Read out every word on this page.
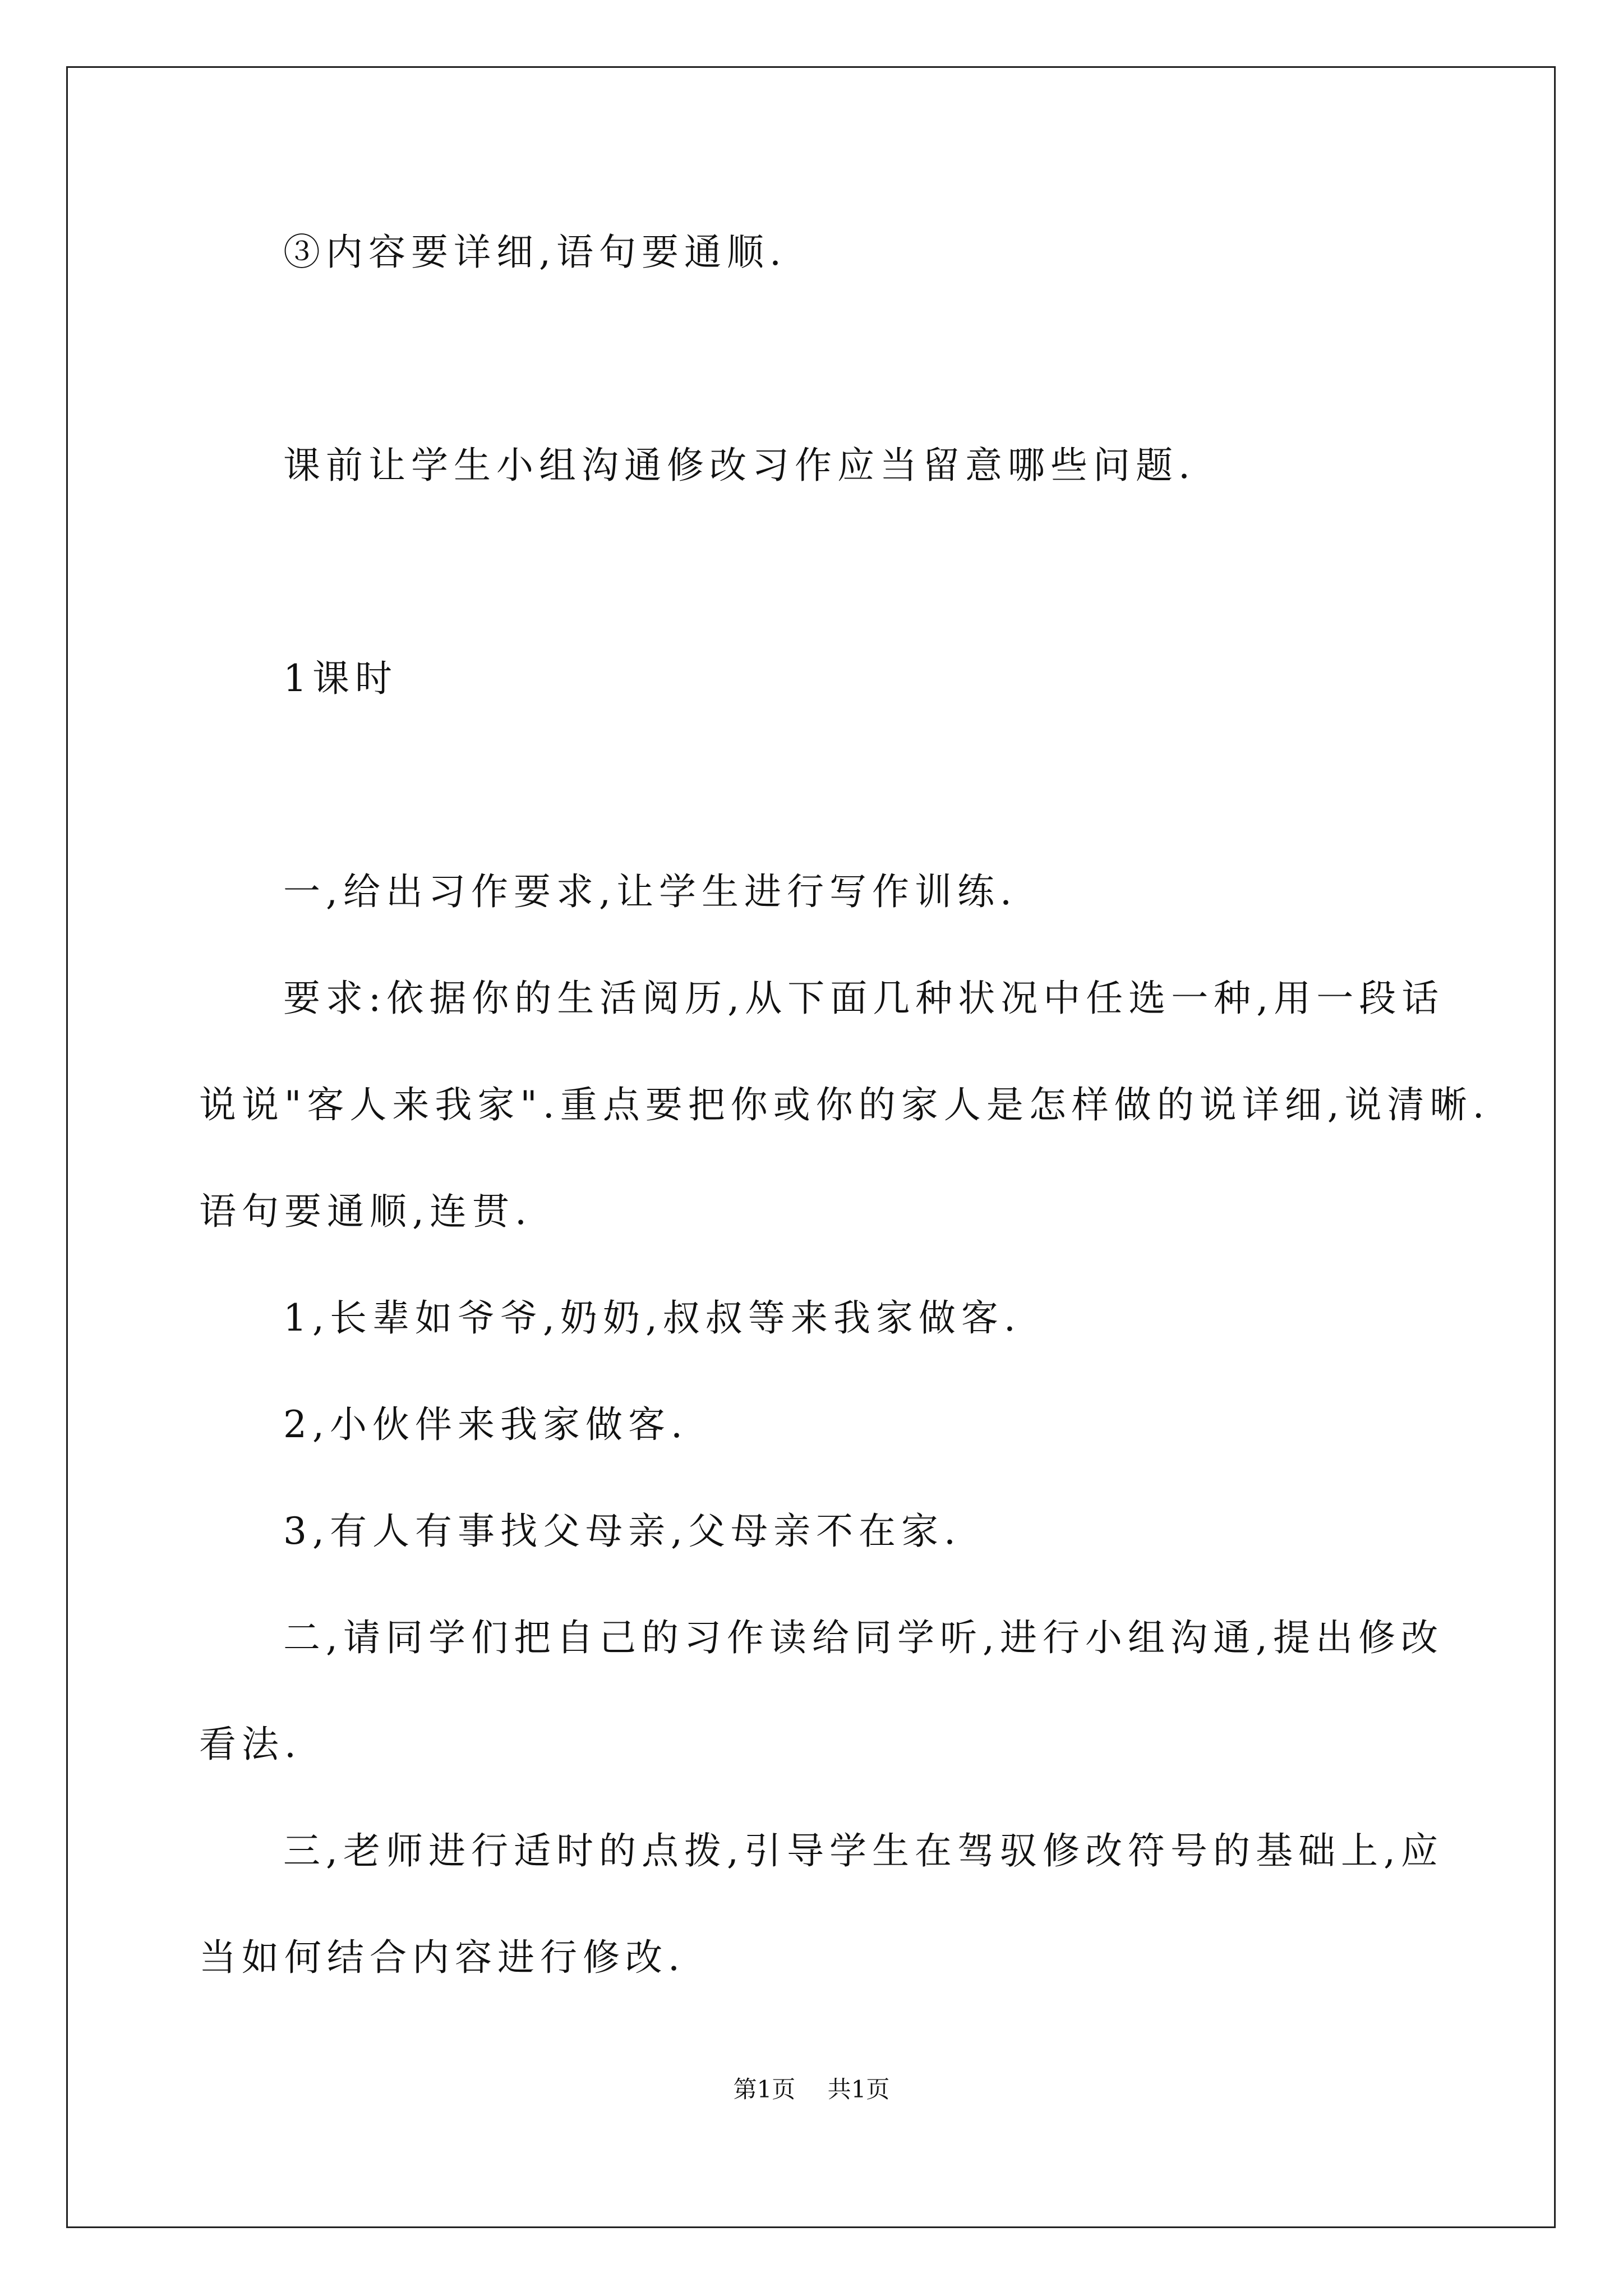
③内容要详细,语句要通顺.
课前让学生小组沟通修改习作应当留意哪些问题.
1课时
一,给出习作要求,让学生进行写作训练.
要求:依据你的生活阅历,从下面几种状况中任选一种,用一段话
说说"客人来我家".重点要把你或你的家人是怎样做的说详细,说清晰.
语句要通顺,连贯.
1,长辈如爷爷,奶奶,叔叔等来我家做客.
2,小伙伴来我家做客.
3,有人有事找父母亲,父母亲不在家.
二,请同学们把自己的习作读给同学听,进行小组沟通,提出修改
看法.
三,老师进行适时的点拨,引导学生在驾驭修改符号的基础上,应
当如何结合内容进行修改.
第1页 共1页
